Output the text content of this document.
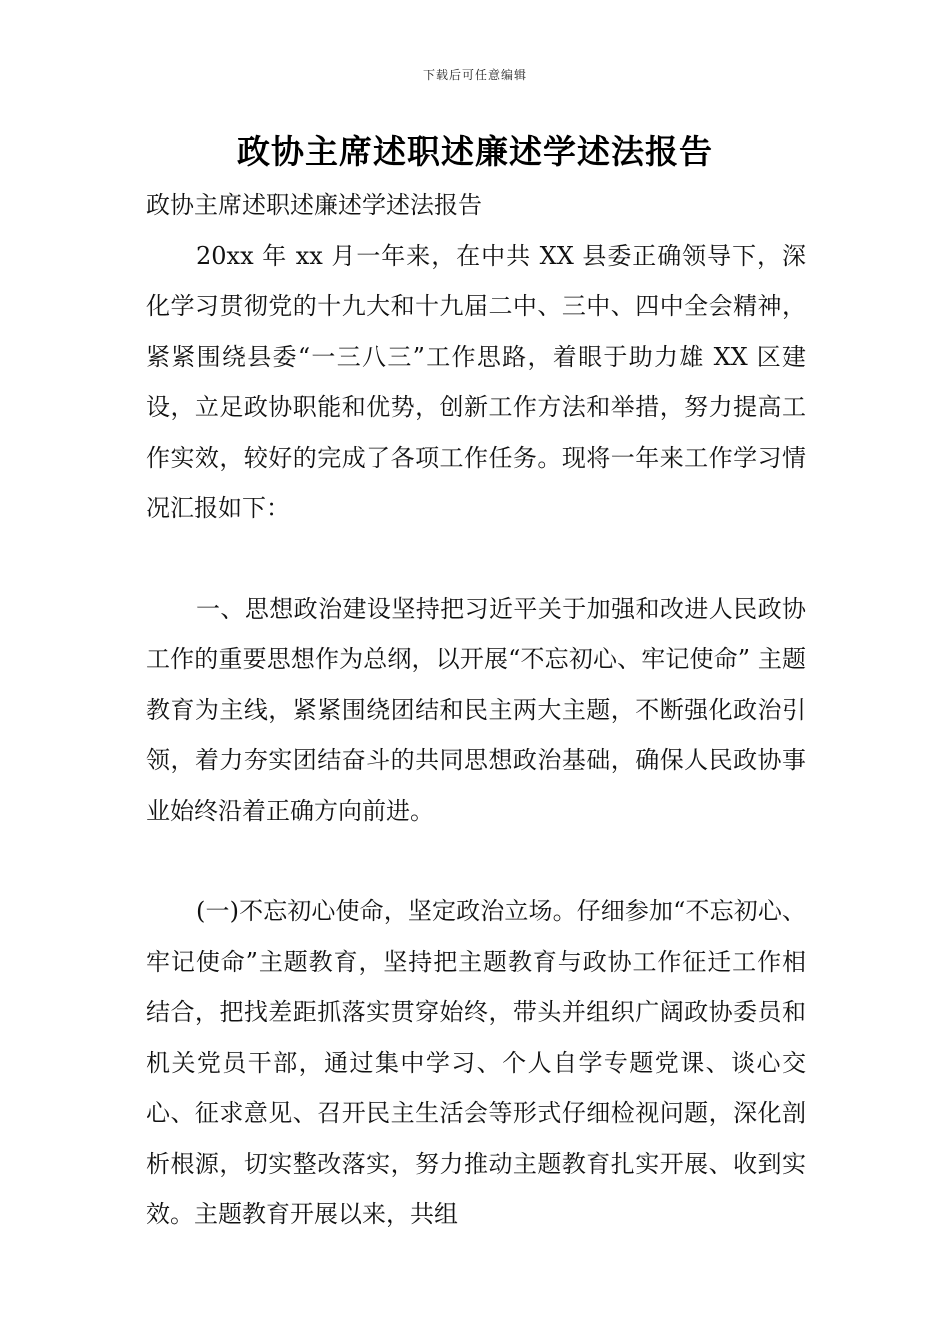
下载后可任意编辑
政协主席述职述廉述学述法报告

政协主席述职述廉述学述法报告

20xx 年 xx 月一年来，在中共 XX 县委正确领导下，深化学习贯彻党的十九大和十九届二中、三中、四中全会精神，紧紧围绕县委“一三八三”工作思路，着眼于助力雄 XX 区建设，立足政协职能和优势，创新工作方法和举措，努力提高工作实效，较好的完成了各项工作任务。现将一年来工作学习情况汇报如下：

一、思想政治建设坚持把习近平关于加强和改进人民政协工作的重要思想作为总纲，以开展“不忘初心、牢记使命” 主题教育为主线，紧紧围绕团结和民主两大主题，不断强化政治引领，着力夯实团结奋斗的共同思想政治基础，确保人民政协事业始终沿着正确方向前进。

(一)不忘初心使命，坚定政治立场。仔细参加“不忘初心、牢记使命”主题教育，坚持把主题教育与政协工作征迁工作相结合，把找差距抓落实贯穿始终，带头并组织广阔政协委员和机关党员干部，通过集中学习、个人自学专题党课、谈心交心、征求意见、召开民主生活会等形式仔细检视问题，深化剖析根源，切实整改落实，努力推动主题教育扎实开展、收到实效。主题教育开展以来，共组
